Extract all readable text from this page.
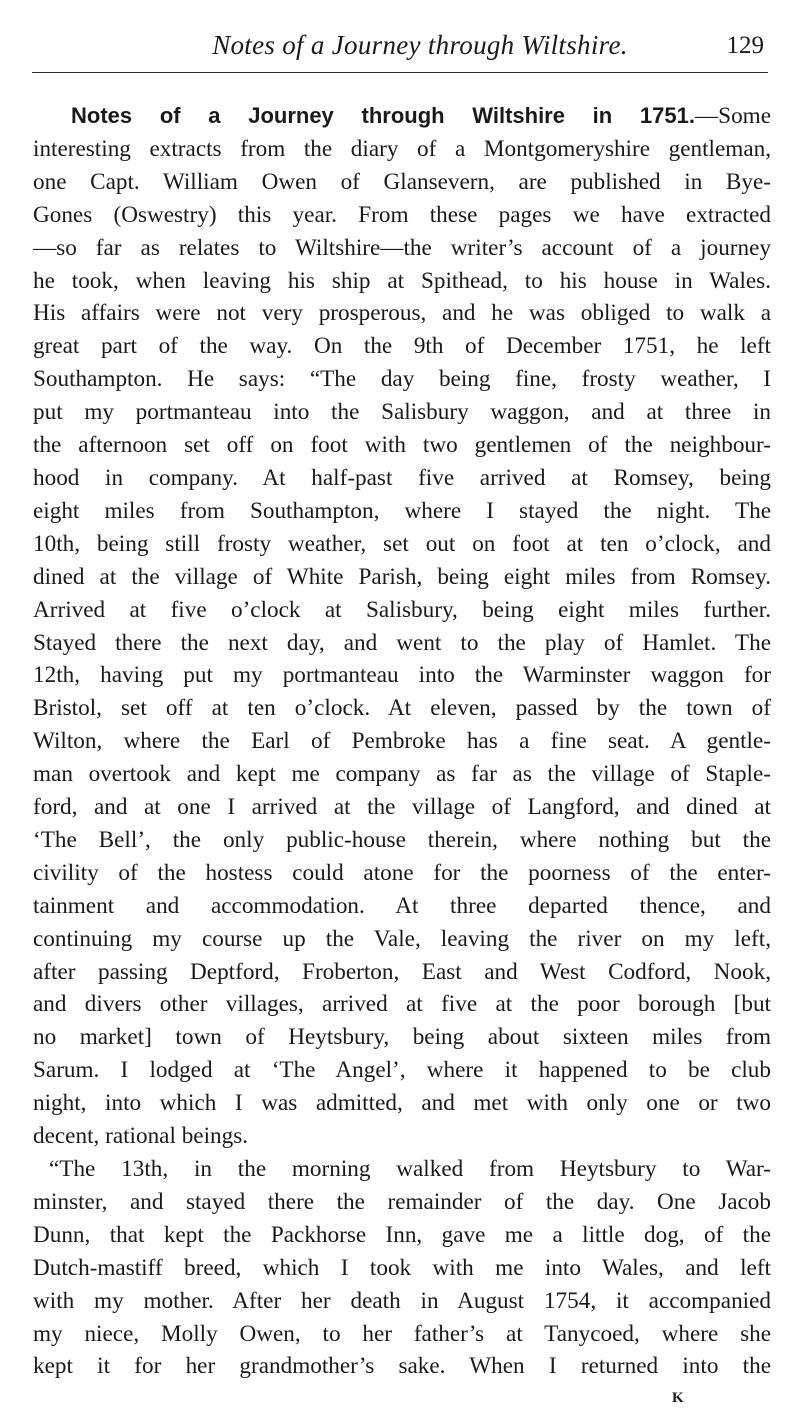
Notes of a Journey through Wiltshire.	129
Notes of a Journey through Wiltshire in 1751.—Some
interesting extracts from the diary of a Montgomeryshire gentleman,
one Capt. William Owen of Glansevern, are published in Bye-
Gones (Oswestry) this year. From these pages we have extracted
—so far as relates to Wiltshire—the writer’s account of a journey
he took, when leaving his ship at Spithead, to his house in Wales.
His affairs were not very prosperous, and he was obliged to walk a
great part of the way. On the 9th of December 1751, he left
Southampton. He says: “The day being fine, frosty weather, I
put my portmanteau into the Salisbury waggon, and at three in
the afternoon set off on foot with two gentlemen of the neighbour-
hood in company. At half-past five arrived at Romsey, being
eight miles from Southampton, where I stayed the night. The
10th, being still frosty weather, set out on foot at ten o’clock, and
dined at the village of White Parish, being eight miles from Romsey.
Arrived at five o’clock at Salisbury, being eight miles further.
Stayed there the next day, and went to the play of Hamlet. The
12th, having put my portmanteau into the Warminster waggon for
Bristol, set off at ten o’clock. At eleven, passed by the town of
Wilton, where the Earl of Pembroke has a fine seat. A gentle-
man overtook and kept me company as far as the village of Staple-
ford, and at one I arrived at the village of Langford, and dined at
‘The Bell’, the only public-house therein, where nothing but the
civility of the hostess could atone for the poorness of the enter-
tainment and accommodation. At three departed thence, and
continuing my course up the Vale, leaving the river on my left,
after passing Deptford, Froberton, East and West Codford, Nook,
and divers other villages, arrived at five at the poor borough [but
no market] town of Heytsbury, being about sixteen miles from
Sarum. I lodged at ‘The Angel’, where it happened to be club
night, into which I was admitted, and met with only one or two
decent, rational beings.
“The 13th, in the morning walked from Heytsbury to War-
minster, and stayed there the remainder of the day. One Jacob
Dunn, that kept the Packhorse Inn, gave me a little dog, of the
Dutch-mastiff breed, which I took with me into Wales, and left
with my mother. After her death in August 1754, it accompanied
my niece, Molly Owen, to her father’s at Tanycoed, where she
kept it for her grandmother’s sake. When I returned into the
K
